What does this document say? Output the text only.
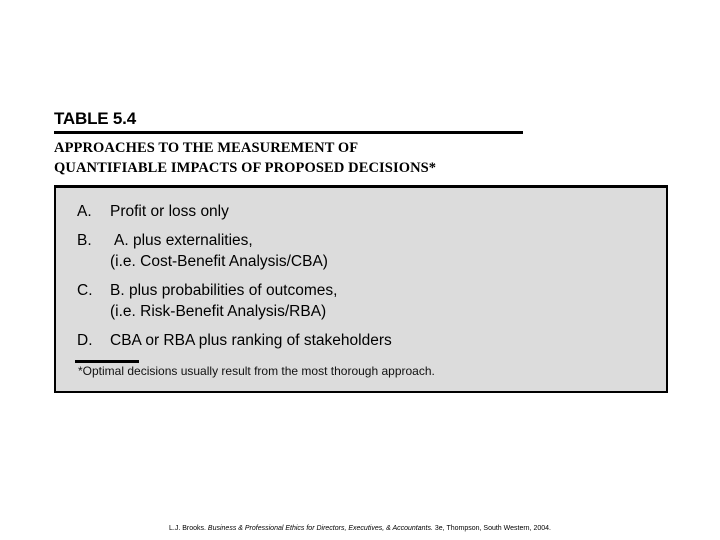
TABLE 5.4
APPROACHES TO THE MEASUREMENT OF
QUANTIFIABLE IMPACTS OF PROPOSED DECISIONS*
A. Profit or loss only
B. A. plus externalities,
(i.e. Cost-Benefit Analysis/CBA)
C. B. plus probabilities of outcomes,
(i.e. Risk-Benefit Analysis/RBA)
D. CBA or RBA plus ranking of stakeholders
*Optimal decisions usually result from the most thorough approach.
L.J. Brooks. Business & Professional Ethics for Directors, Executives, & Accountants. 3e, Thompson, South Western, 2004.
